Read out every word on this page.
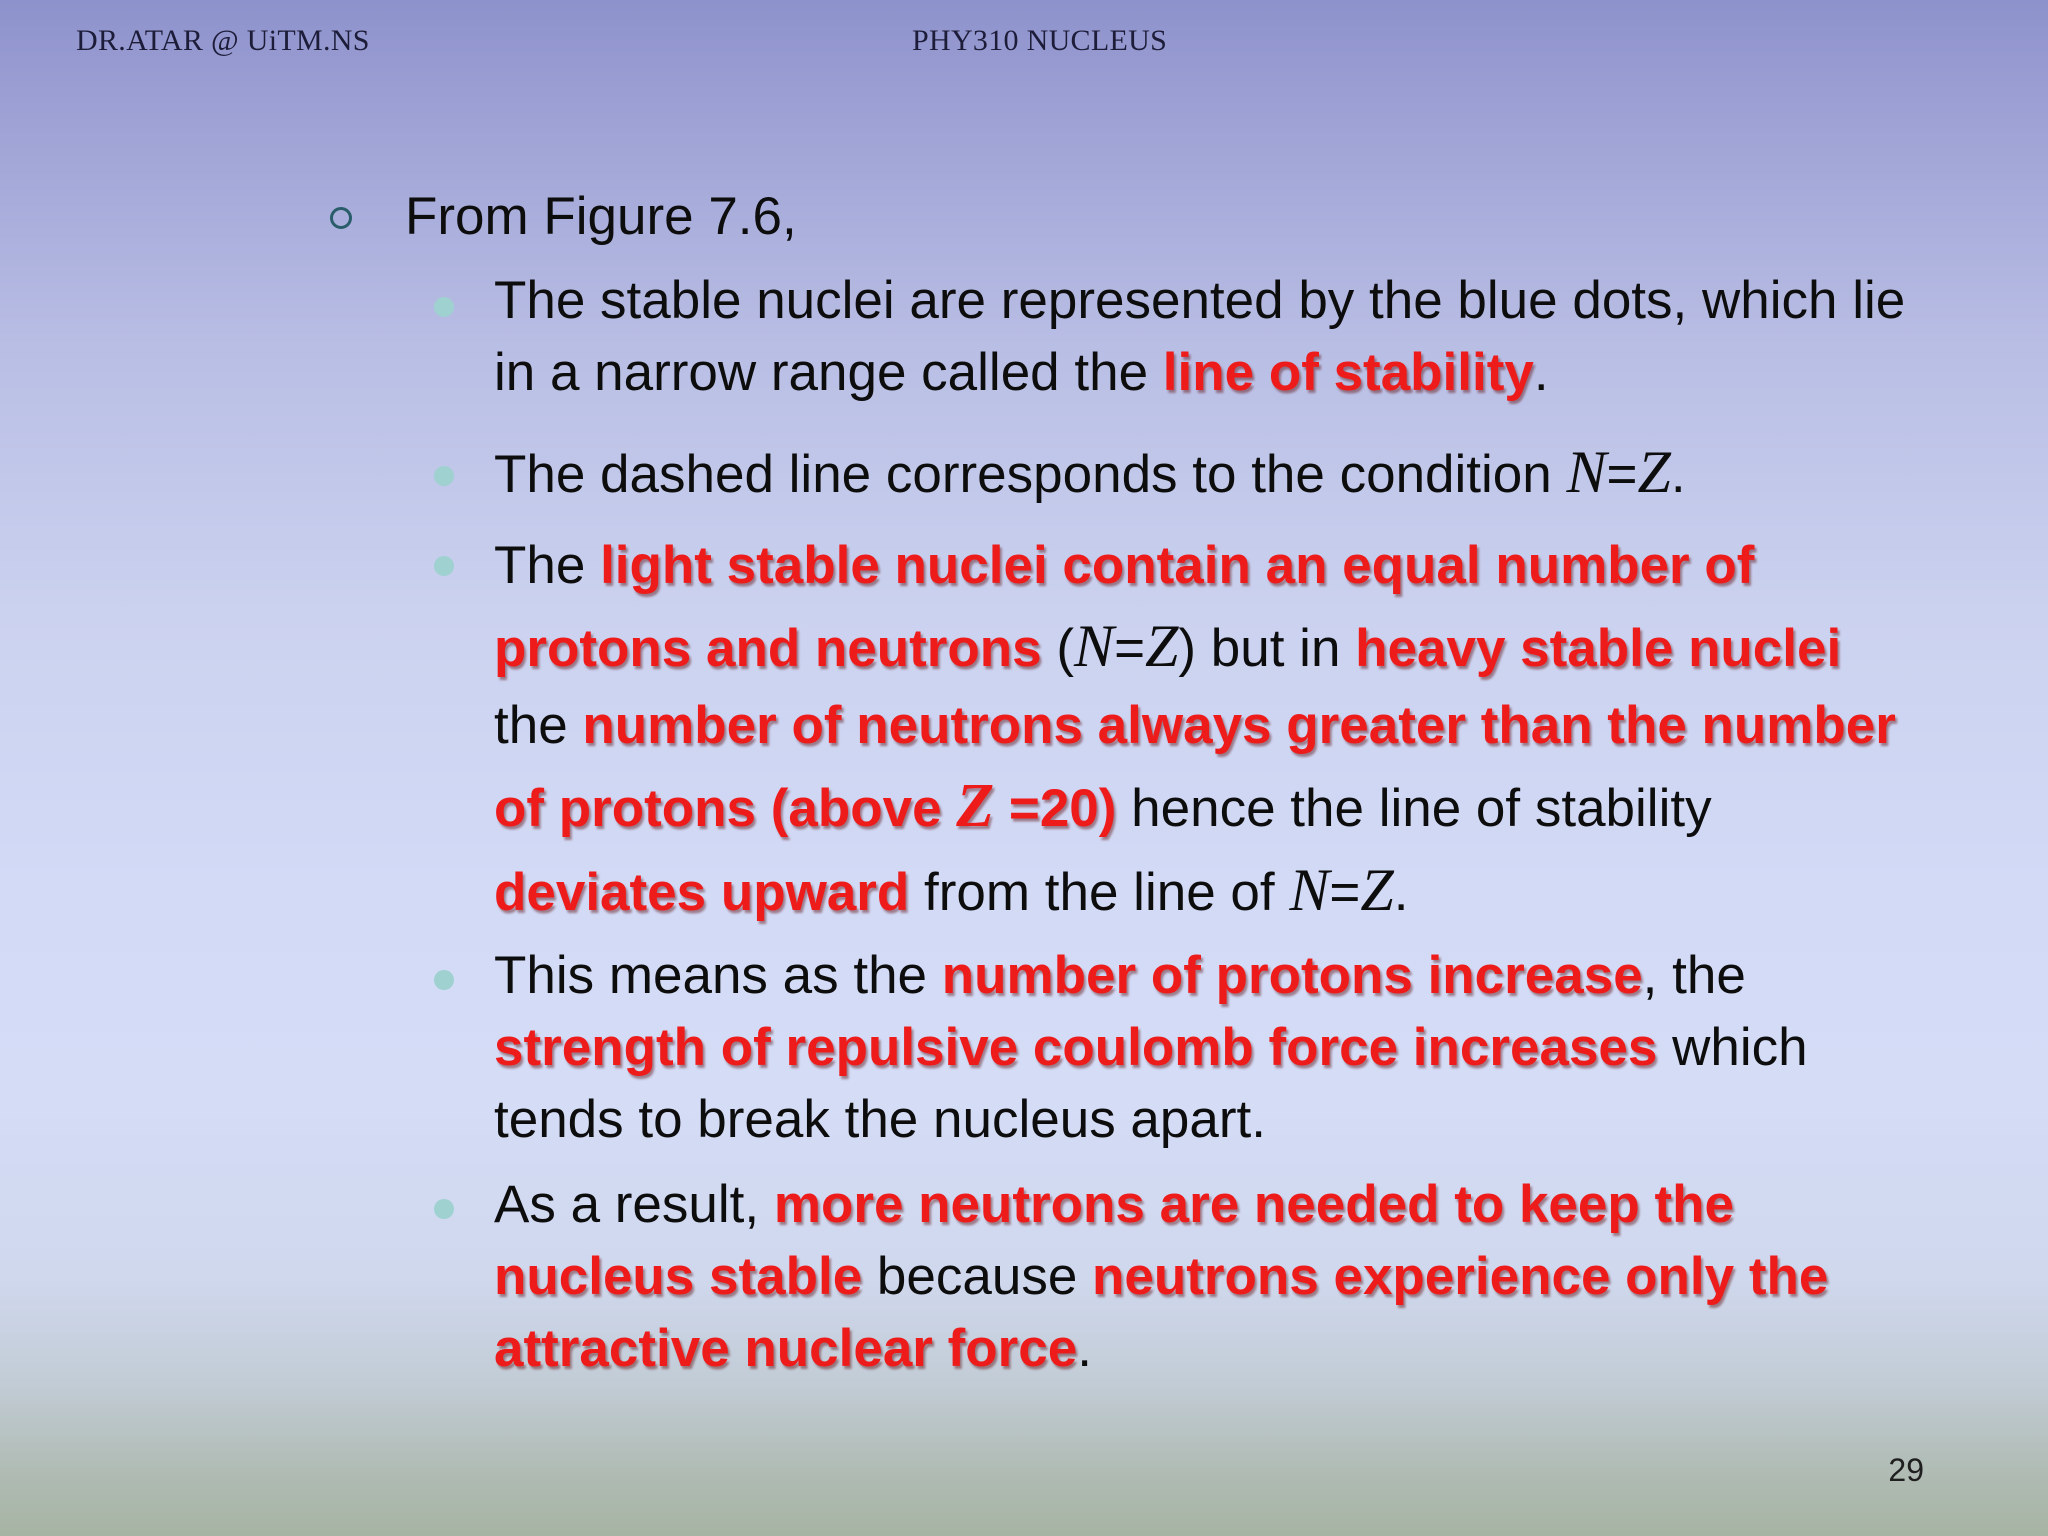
DR.ATAR @ UiTM.NS	PHY310 NUCLEUS
From Figure 7.6,
The stable nuclei are represented by the blue dots, which lie
in a narrow range called the line of stability.
The dashed line corresponds to the condition N=Z.
The light stable nuclei contain an equal number of
protons and neutrons (N=Z) but in heavy stable nuclei
the number of neutrons always greater than the number
of protons (above Z =20) hence the line of stability
deviates upward from the line of N=Z.
This means as the number of protons increase, the
strength of repulsive coulomb force increases which
tends to break the nucleus apart.
As a result, more neutrons are needed to keep the
nucleus stable because neutrons experience only the
attractive nuclear force.
29
